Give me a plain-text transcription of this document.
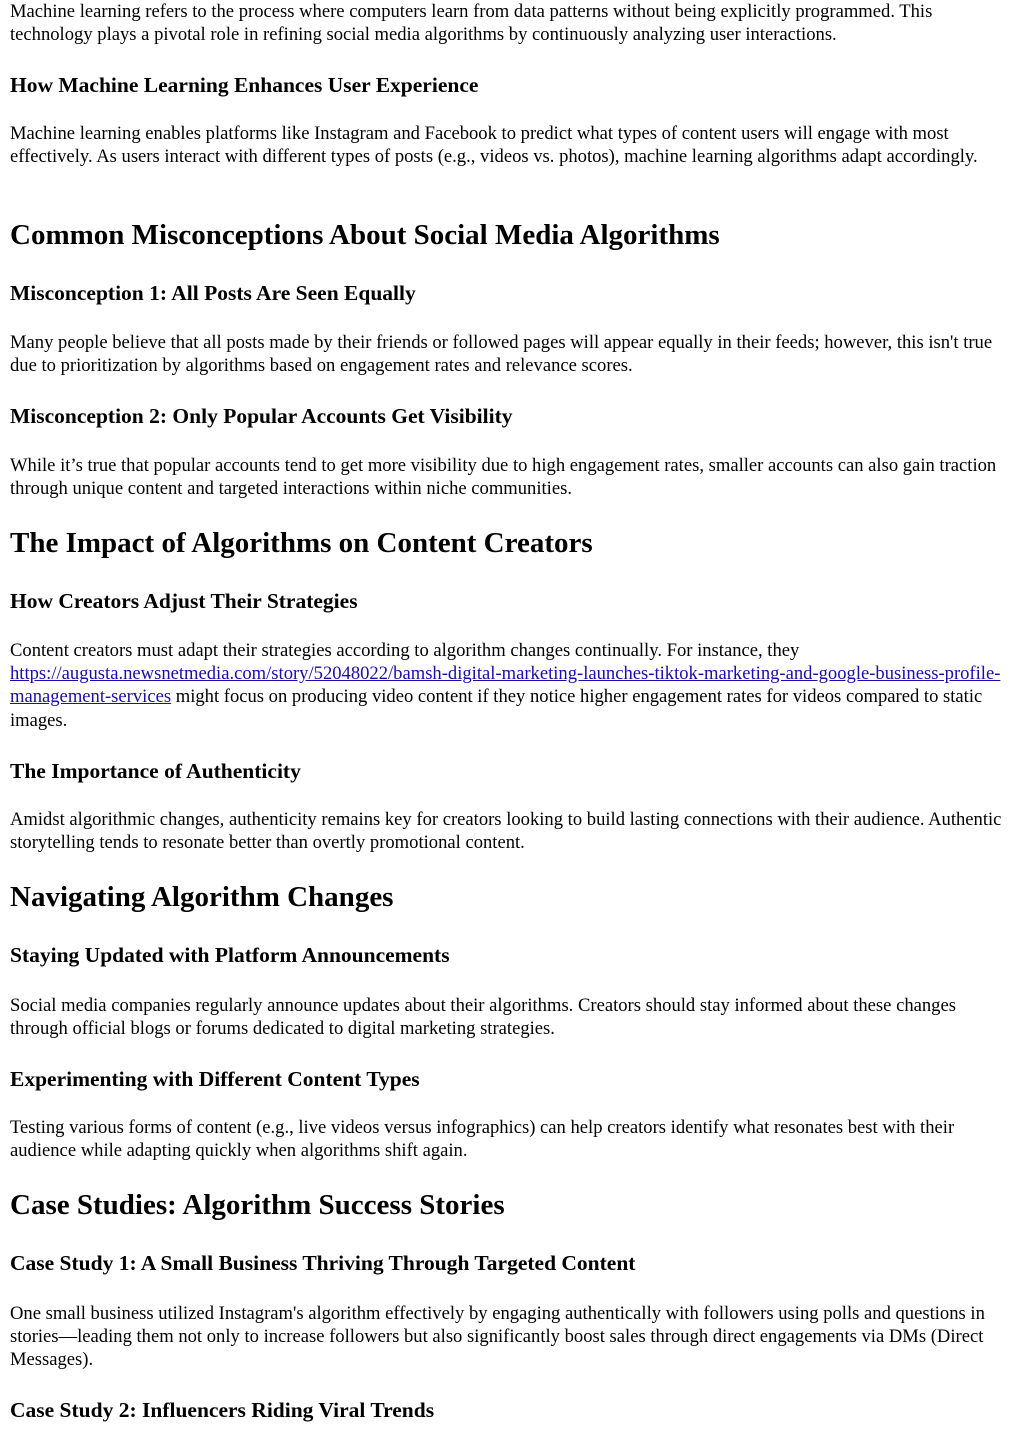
Machine learning refers to the process where computers learn from data patterns without being explicitly programmed. This technology plays a pivotal role in refining social media algorithms by continuously analyzing user interactions.

How Machine Learning Enhances User Experience

Machine learning enables platforms like Instagram and Facebook to predict what types of content users will engage with most effectively. As users interact with different types of posts (e.g., videos vs. photos), machine learning algorithms adapt accordingly.

Common Misconceptions About Social Media Algorithms
Misconception 1: All Posts Are Seen Equally

Many people believe that all posts made by their friends or followed pages will appear equally in their feeds; however, this isn't true due to prioritization by algorithms based on engagement rates and relevance scores.

Misconception 2: Only Popular Accounts Get Visibility

While it’s true that popular accounts tend to get more visibility due to high engagement rates, smaller accounts can also gain traction through unique content and targeted interactions within niche communities.

The Impact of Algorithms on Content Creators
How Creators Adjust Their Strategies

Content creators must adapt their strategies according to algorithm changes continually. For instance, they https://augusta.newsnetmedia.com/story/52048022/bamsh-digital-marketing-launches-tiktok-marketing-and-google-business-profile-management-services might focus on producing video content if they notice higher engagement rates for videos compared to static images.

The Importance of Authenticity

Amidst algorithmic changes, authenticity remains key for creators looking to build lasting connections with their audience. Authentic storytelling tends to resonate better than overtly promotional content.

Navigating Algorithm Changes
Staying Updated with Platform Announcements

Social media companies regularly announce updates about their algorithms. Creators should stay informed about these changes through official blogs or forums dedicated to digital marketing strategies.

Experimenting with Different Content Types

Testing various forms of content (e.g., live videos versus infographics) can help creators identify what resonates best with their audience while adapting quickly when algorithms shift again.

Case Studies: Algorithm Success Stories
Case Study 1: A Small Business Thriving Through Targeted Content

One small business utilized Instagram's algorithm effectively by engaging authentically with followers using polls and questions in stories—leading them not only to increase followers but also significantly boost sales through direct engagements via DMs (Direct Messages).

Case Study 2: Influencers Riding Viral Trends
